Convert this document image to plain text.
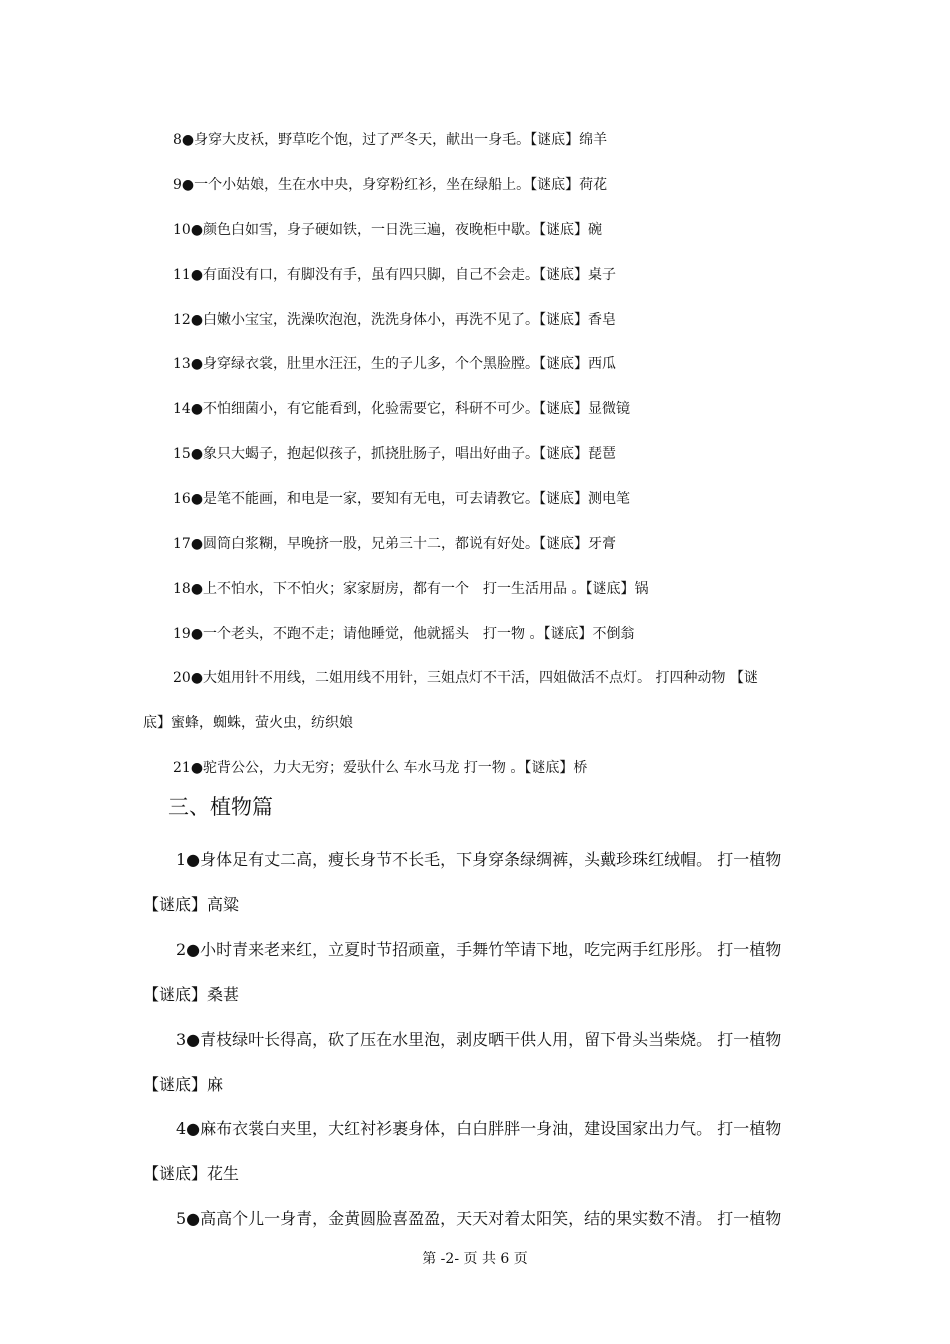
8●身穿大皮袄，野草吃个饱，过了严冬天，献出一身毛。【谜底】绵羊
9●一个小姑娘，生在水中央，身穿粉红衫，坐在绿船上。【谜底】荷花
10●颜色白如雪，身子硬如铁，一日洗三遍，夜晚柜中歇。【谜底】碗
11●有面没有口，有脚没有手，虽有四只脚，自己不会走。【谜底】桌子
12●白嫩小宝宝，洗澡吹泡泡，洗洗身体小，再洗不见了。【谜底】香皂
13●身穿绿衣裳，肚里水汪汪，生的子儿多，个个黑脸膛。【谜底】西瓜
14●不怕细菌小，有它能看到，化验需要它，科研不可少。【谜底】显微镜
15●象只大蝎子，抱起似孩子，抓挠肚肠子，唱出好曲子。【谜底】琵琶
16●是笔不能画，和电是一家，要知有无电，可去请教它。【谜底】测电笔
17●圆筒白浆糊，早晚挤一股，兄弟三十二，都说有好处。【谜底】牙膏
18●上不怕水，下不怕火；家家厨房，都有一个　打一生活用品 。【谜底】锅
19●一个老头，不跑不走；请他睡觉，他就摇头　打一物 。【谜底】不倒翁
20●大姐用针不用线，二姐用线不用针，三姐点灯不干活，四姐做活不点灯。 打四种动物 【谜
底】蜜蜂，蜘蛛，萤火虫，纺织娘
21●驼背公公，力大无穷；爱驮什么 车水马龙 打一物 。【谜底】桥
三、植物篇
1●身体足有丈二高，瘦长身节不长毛，下身穿条绿绸裤，头戴珍珠红绒帽。 打一植物
【谜底】高粱
2●小时青来老来红，立夏时节招顽童，手舞竹竿请下地，吃完两手红彤彤。 打一植物
【谜底】桑葚
3●青枝绿叶长得高，砍了压在水里泡，剥皮晒干供人用，留下骨头当柴烧。 打一植物
【谜底】麻
4●麻布衣裳白夹里，大红衬衫裹身体，白白胖胖一身油，建设国家出力气。 打一植物
【谜底】花生
5●高高个儿一身青，金黄圆脸喜盈盈，天天对着太阳笑，结的果实数不清。 打一植物
第 -2- 页 共 6 页
